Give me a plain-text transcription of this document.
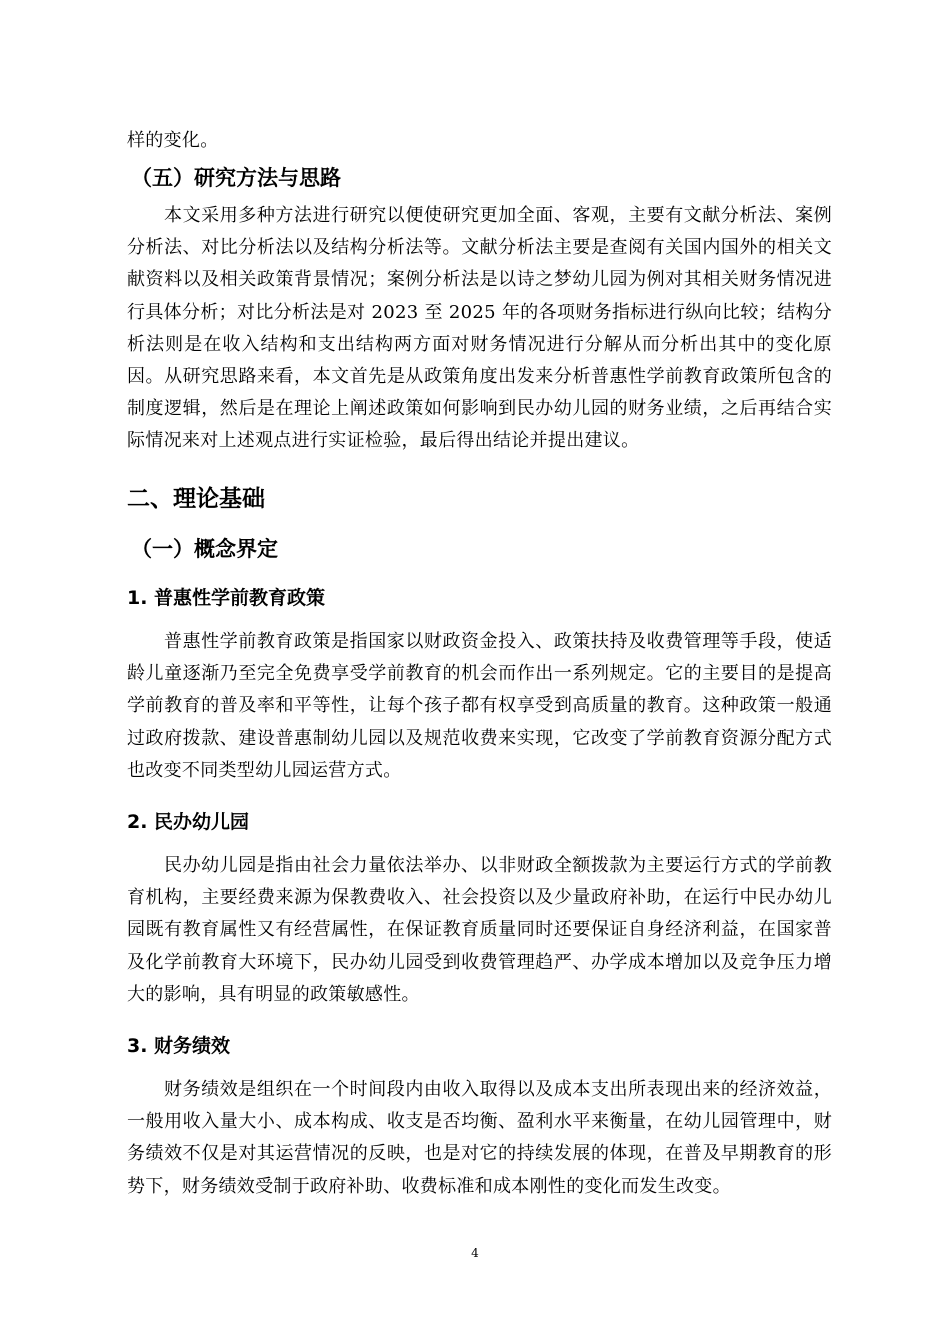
样的变化。

（五）研究方法与思路

本文采用多种方法进行研究以便使研究更加全面、客观，主要有文献分析法、案例分析法、对比分析法以及结构分析法等。文献分析法主要是查阅有关国内国外的相关文献资料以及相关政策背景情况；案例分析法是以诗之梦幼儿园为例对其相关财务情况进行具体分析；对比分析法是对 2023 至 2025 年的各项财务指标进行纵向比较；结构分析法则是在收入结构和支出结构两方面对财务情况进行分解从而分析出其中的变化原因。从研究思路来看，本文首先是从政策角度出发来分析普惠性学前教育政策所包含的制度逻辑，然后是在理论上阐述政策如何影响到民办幼儿园的财务业绩，之后再结合实际情况来对上述观点进行实证检验，最后得出结论并提出建议。

二、理论基础
（一）概念界定
1. 普惠性学前教育政策

普惠性学前教育政策是指国家以财政资金投入、政策扶持及收费管理等手段，使适龄儿童逐渐乃至完全免费享受学前教育的机会而作出一系列规定。它的主要目的是提高学前教育的普及率和平等性，让每个孩子都有权享受到高质量的教育。这种政策一般通过政府拨款、建设普惠制幼儿园以及规范收费来实现，它改变了学前教育资源分配方式也改变不同类型幼儿园运营方式。

2. 民办幼儿园

民办幼儿园是指由社会力量依法举办、以非财政全额拨款为主要运行方式的学前教育机构，主要经费来源为保教费收入、社会投资以及少量政府补助，在运行中民办幼儿园既有教育属性又有经营属性，在保证教育质量同时还要保证自身经济利益，在国家普及化学前教育大环境下，民办幼儿园受到收费管理趋严、办学成本增加以及竞争压力增大的影响，具有明显的政策敏感性。

3. 财务绩效

财务绩效是组织在一个时间段内由收入取得以及成本支出所表现出来的经济效益，一般用收入量大小、成本构成、收支是否均衡、盈利水平来衡量，在幼儿园管理中，财务绩效不仅是对其运营情况的反映，也是对它的持续发展的体现，在普及早期教育的形势下，财务绩效受制于政府补助、收费标准和成本刚性的变化而发生改变。

4
